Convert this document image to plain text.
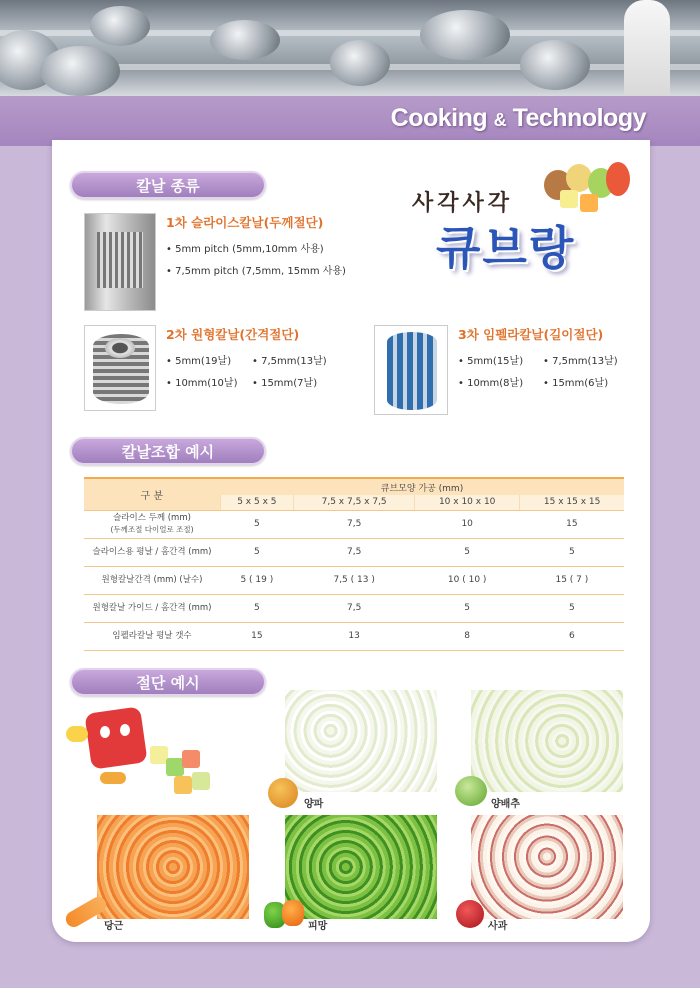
Cooking & Technology
칼날 종류
사각사각
큐브랑
1차 슬라이스칼날(두께절단)
• 5mm pitch (5mm,10mm 사용)
• 7,5mm pitch (7,5mm, 15mm 사용)
2차 원형칼날(간격절단)
• 5mm(19날) • 7,5mm(13날)
• 10mm(10날) • 15mm(7날)
3차 임펠라칼날(길이절단)
• 5mm(15날) • 7,5mm(13날)
• 10mm(8날) • 15mm(6날)
칼날조합 예시
구 분	큐브모양 가공 (mm)			
	5 x 5 x 5	7,5 x 7,5 x 7,5	10 x 10 x 10	15 x 15 x 15
슬라이스 두께 (mm)
(두께조절 다이얼로 조절)	5	7,5	10	15
슬라이스용 평날 / 홈간격 (mm)	5	7,5	5	5
원형칼날간격 (mm) (날수)	5 ( 19 )	7,5 ( 13 )	10 ( 10 )	15 ( 7 )
원형칼날 가이드 / 홈간격 (mm)	5	7,5	5	5
임펠라칼날 평날 갯수	15	13	8	6
절단 예시
양파	양배추
당근	피망	사과
